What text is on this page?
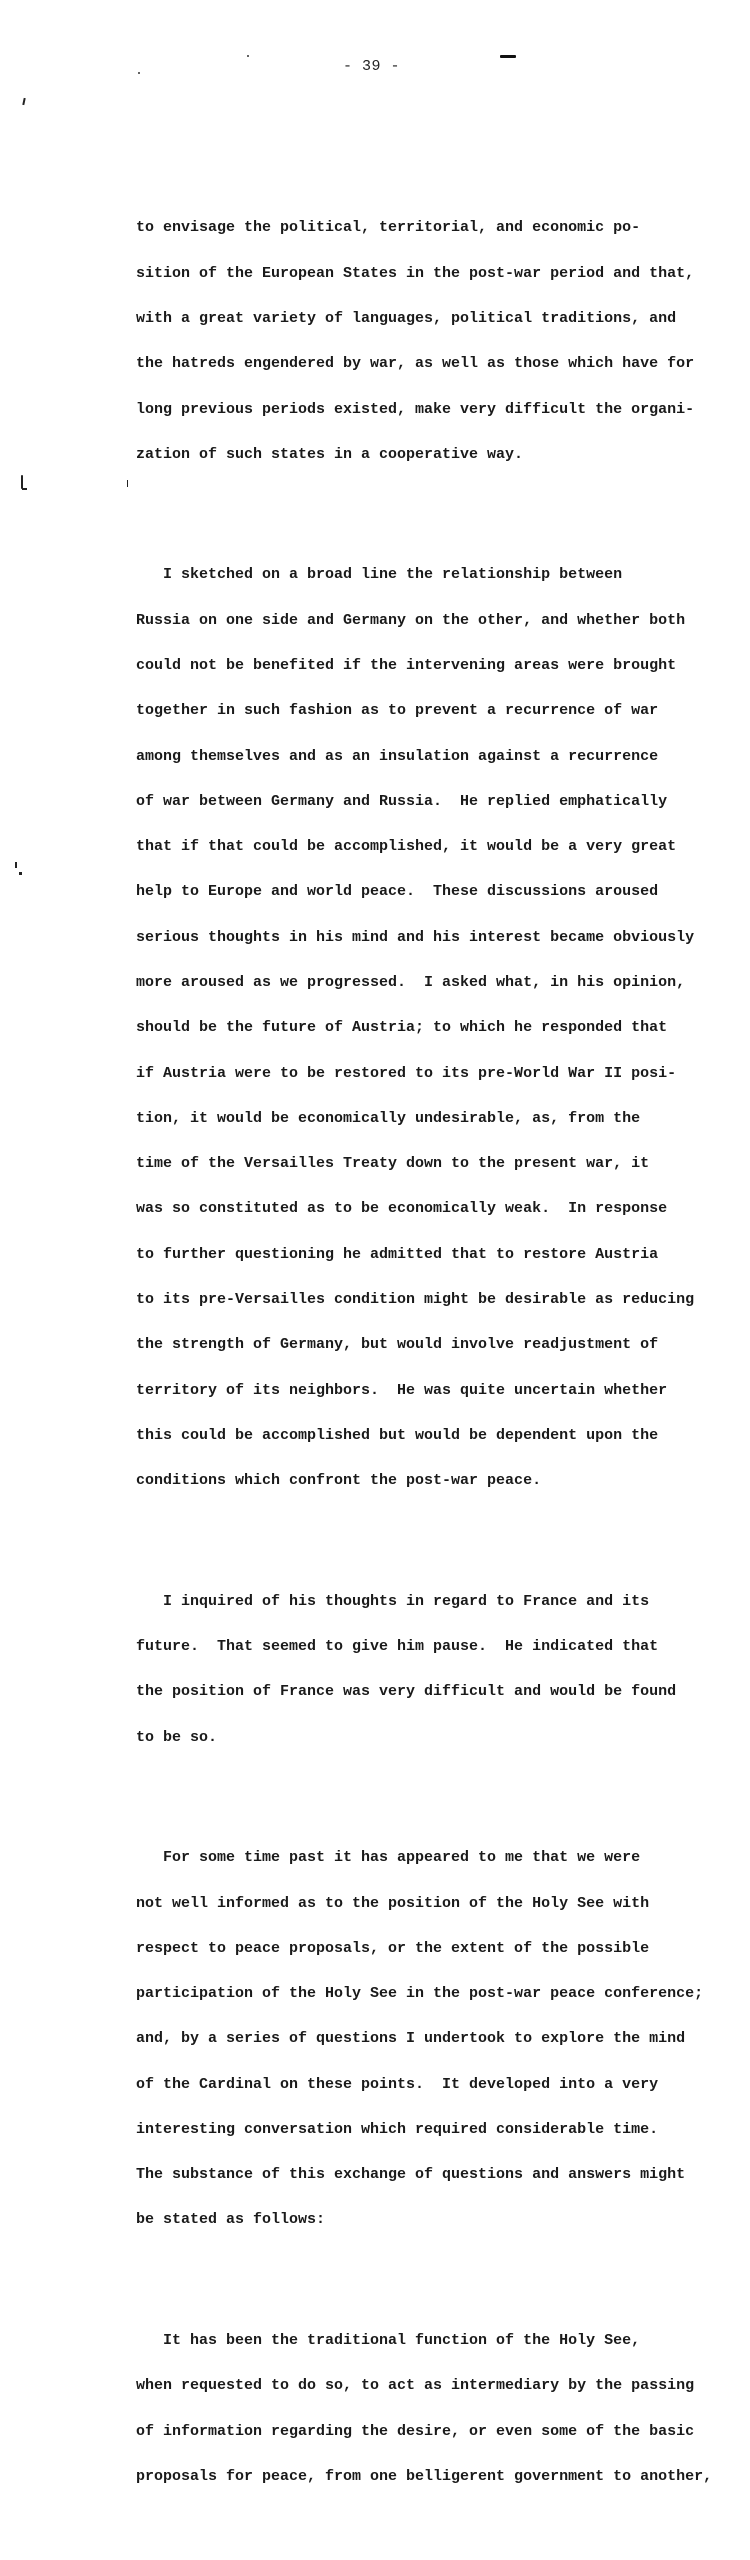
- 39 -

to envisage the political, territorial, and economic po-

sition of the European States in the post-war period and that,

with a great variety of languages, political traditions, and

the hatreds engendered by war, as well as those which have for

long previous periods existed, make very difficult the organi-

zation of such states in a cooperative way.

I sketched on a broad line the relationship between

Russia on one side and Germany on the other, and whether both

could not be benefited if the intervening areas were brought

together in such fashion as to prevent a recurrence of war

among themselves and as an insulation against a recurrence

of war between Germany and Russia.  He replied emphatically

that if that could be accomplished, it would be a very great

help to Europe and world peace.  These discussions aroused

serious thoughts in his mind and his interest became obviously

more aroused as we progressed.  I asked what, in his opinion,

should be the future of Austria; to which he responded that

if Austria were to be restored to its pre-World War II posi-

tion, it would be economically undesirable, as, from the

time of the Versailles Treaty down to the present war, it

was so constituted as to be economically weak.  In response

to further questioning he admitted that to restore Austria

to its pre-Versailles condition might be desirable as reducing

the strength of Germany, but would involve readjustment of

territory of its neighbors.  He was quite uncertain whether

this could be accomplished but would be dependent upon the

conditions which confront the post-war peace.

I inquired of his thoughts in regard to France and its

future.  That seemed to give him pause.  He indicated that

the position of France was very difficult and would be found

to be so.

For some time past it has appeared to me that we were

not well informed as to the position of the Holy See with

respect to peace proposals, or the extent of the possible

participation of the Holy See in the post-war peace conference;

and, by a series of questions I undertook to explore the mind

of the Cardinal on these points.  It developed into a very

interesting conversation which required considerable time.

The substance of this exchange of questions and answers might

be stated as follows:

It has been the traditional function of the Holy See,

when requested to do so, to act as intermediary by the passing

of information regarding the desire, or even some of the basic

proposals for peace, from one belligerent government to another,
